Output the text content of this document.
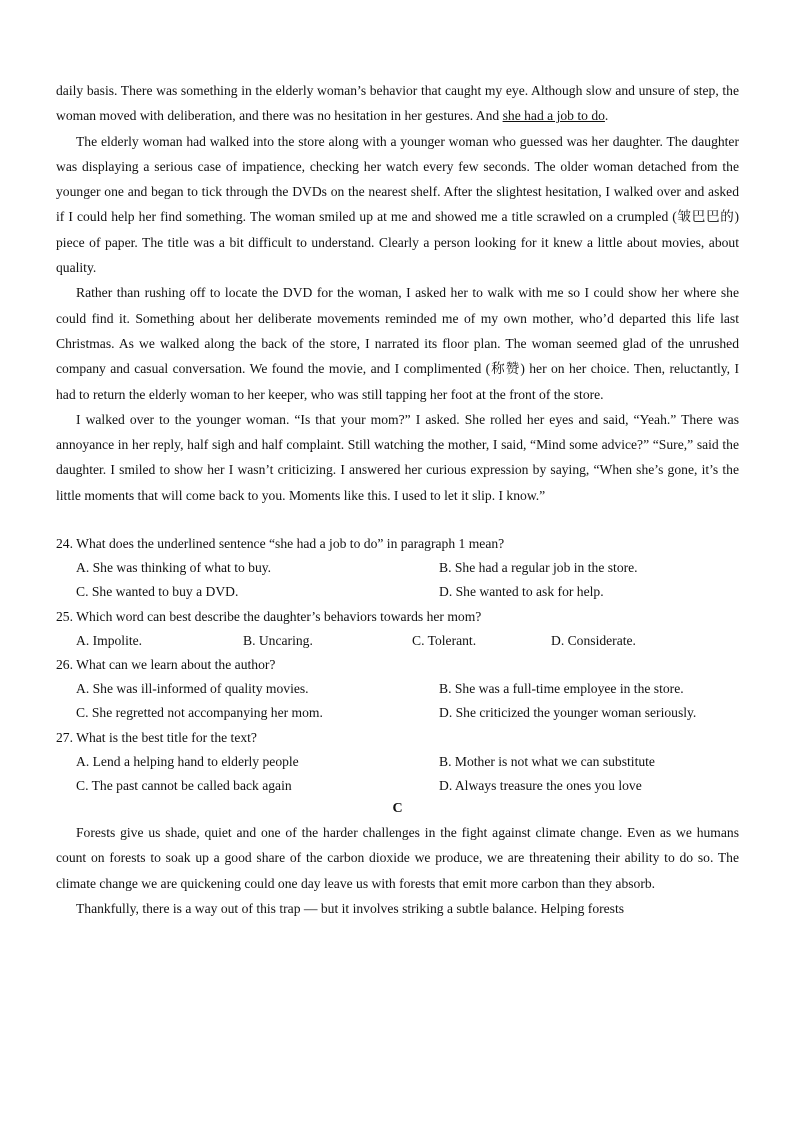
daily basis. There was something in the elderly woman’s behavior that caught my eye. Although slow and unsure of step, the woman moved with deliberation, and there was no hesitation in her gestures. And she had a job to do.

The elderly woman had walked into the store along with a younger woman who guessed was her daughter. The daughter was displaying a serious case of impatience, checking her watch every few seconds. The older woman detached from the younger one and began to tick through the DVDs on the nearest shelf. After the slightest hesitation, I walked over and asked if I could help her find something. The woman smiled up at me and showed me a title scrawled on a crumpled (皱巴巴的) piece of paper. The title was a bit difficult to understand. Clearly a person looking for it knew a little about movies, about quality.

Rather than rushing off to locate the DVD for the woman, I asked her to walk with me so I could show her where she could find it. Something about her deliberate movements reminded me of my own mother, who’d departed this life last Christmas. As we walked along the back of the store, I narrated its floor plan. The woman seemed glad of the unrushed company and casual conversation. We found the movie, and I complimented (称赞) her on her choice. Then, reluctantly, I had to return the elderly woman to her keeper, who was still tapping her foot at the front of the store.

I walked over to the younger woman. “Is that your mom?” I asked. She rolled her eyes and said, “Yeah.” There was annoyance in her reply, half sigh and half complaint. Still watching the mother, I said, “Mind some advice?” “Sure,” said the daughter. I smiled to show her I wasn’t criticizing. I answered her curious expression by saying, “When she’s gone, it’s the little moments that will come back to you. Moments like this. I used to let it slip. I know.”

24. What does the underlined sentence “she had a job to do” in paragraph 1 mean?

A. She was thinking of what to buy.	B. She had a regular job in the store.
C. She wanted to buy a DVD.	D. She wanted to ask for help.

25. Which word can best describe the daughter’s behaviors towards her mom?

A. Impolite.	B. Uncaring.	C. Tolerant.	D. Considerate.

26. What can we learn about the author?

A. She was ill-informed of quality movies.	B. She was a full-time employee in the store.
C. She regretted not accompanying her mom.	D. She criticized the younger woman seriously.

27. What is the best title for the text?

A. Lend a helping hand to elderly people	B. Mother is not what we can substitute
C. The past cannot be called back again	D. Always treasure the ones you love

C

Forests give us shade, quiet and one of the harder challenges in the fight against climate change. Even as we humans count on forests to soak up a good share of the carbon dioxide we produce, we are threatening their ability to do so. The climate change we are quickening could one day leave us with forests that emit more carbon than they absorb.

Thankfully, there is a way out of this trap — but it involves striking a subtle balance. Helping forests
